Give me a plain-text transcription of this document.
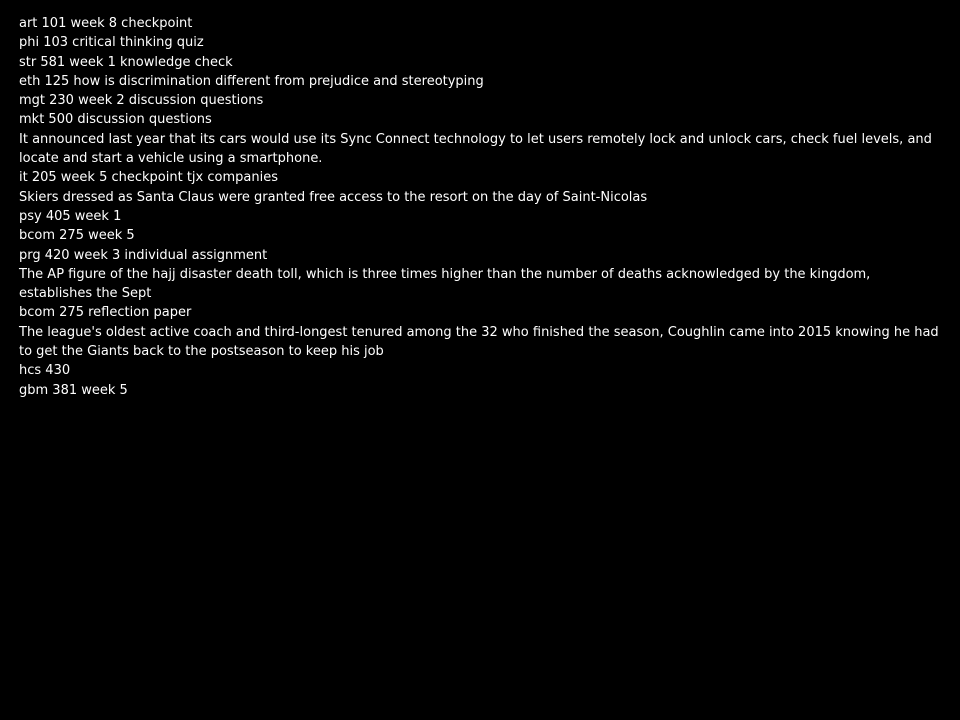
art 101 week 8 checkpoint
phi 103 critical thinking quiz
str 581 week 1 knowledge check
eth 125 how is discrimination different from prejudice and stereotyping
mgt 230 week 2 discussion questions
mkt 500 discussion questions
It announced last year that its cars would use its Sync Connect technology to let users remotely lock and unlock cars, check fuel levels, and locate and start a vehicle using a smartphone.
it 205 week 5 checkpoint tjx companies
Skiers dressed as Santa Claus were granted free access to the resort on the day of Saint-Nicolas
psy 405 week 1
bcom 275 week 5
prg 420 week 3 individual assignment
The AP figure of the hajj disaster death toll, which is three times higher than the number of deaths acknowledged by the kingdom, establishes the Sept
bcom 275 reflection paper
The league's oldest active coach and third-longest tenured among the 32 who finished the season, Coughlin came into 2015 knowing he had to get the Giants back to the postseason to keep his job
hcs 430
gbm 381 week 5
